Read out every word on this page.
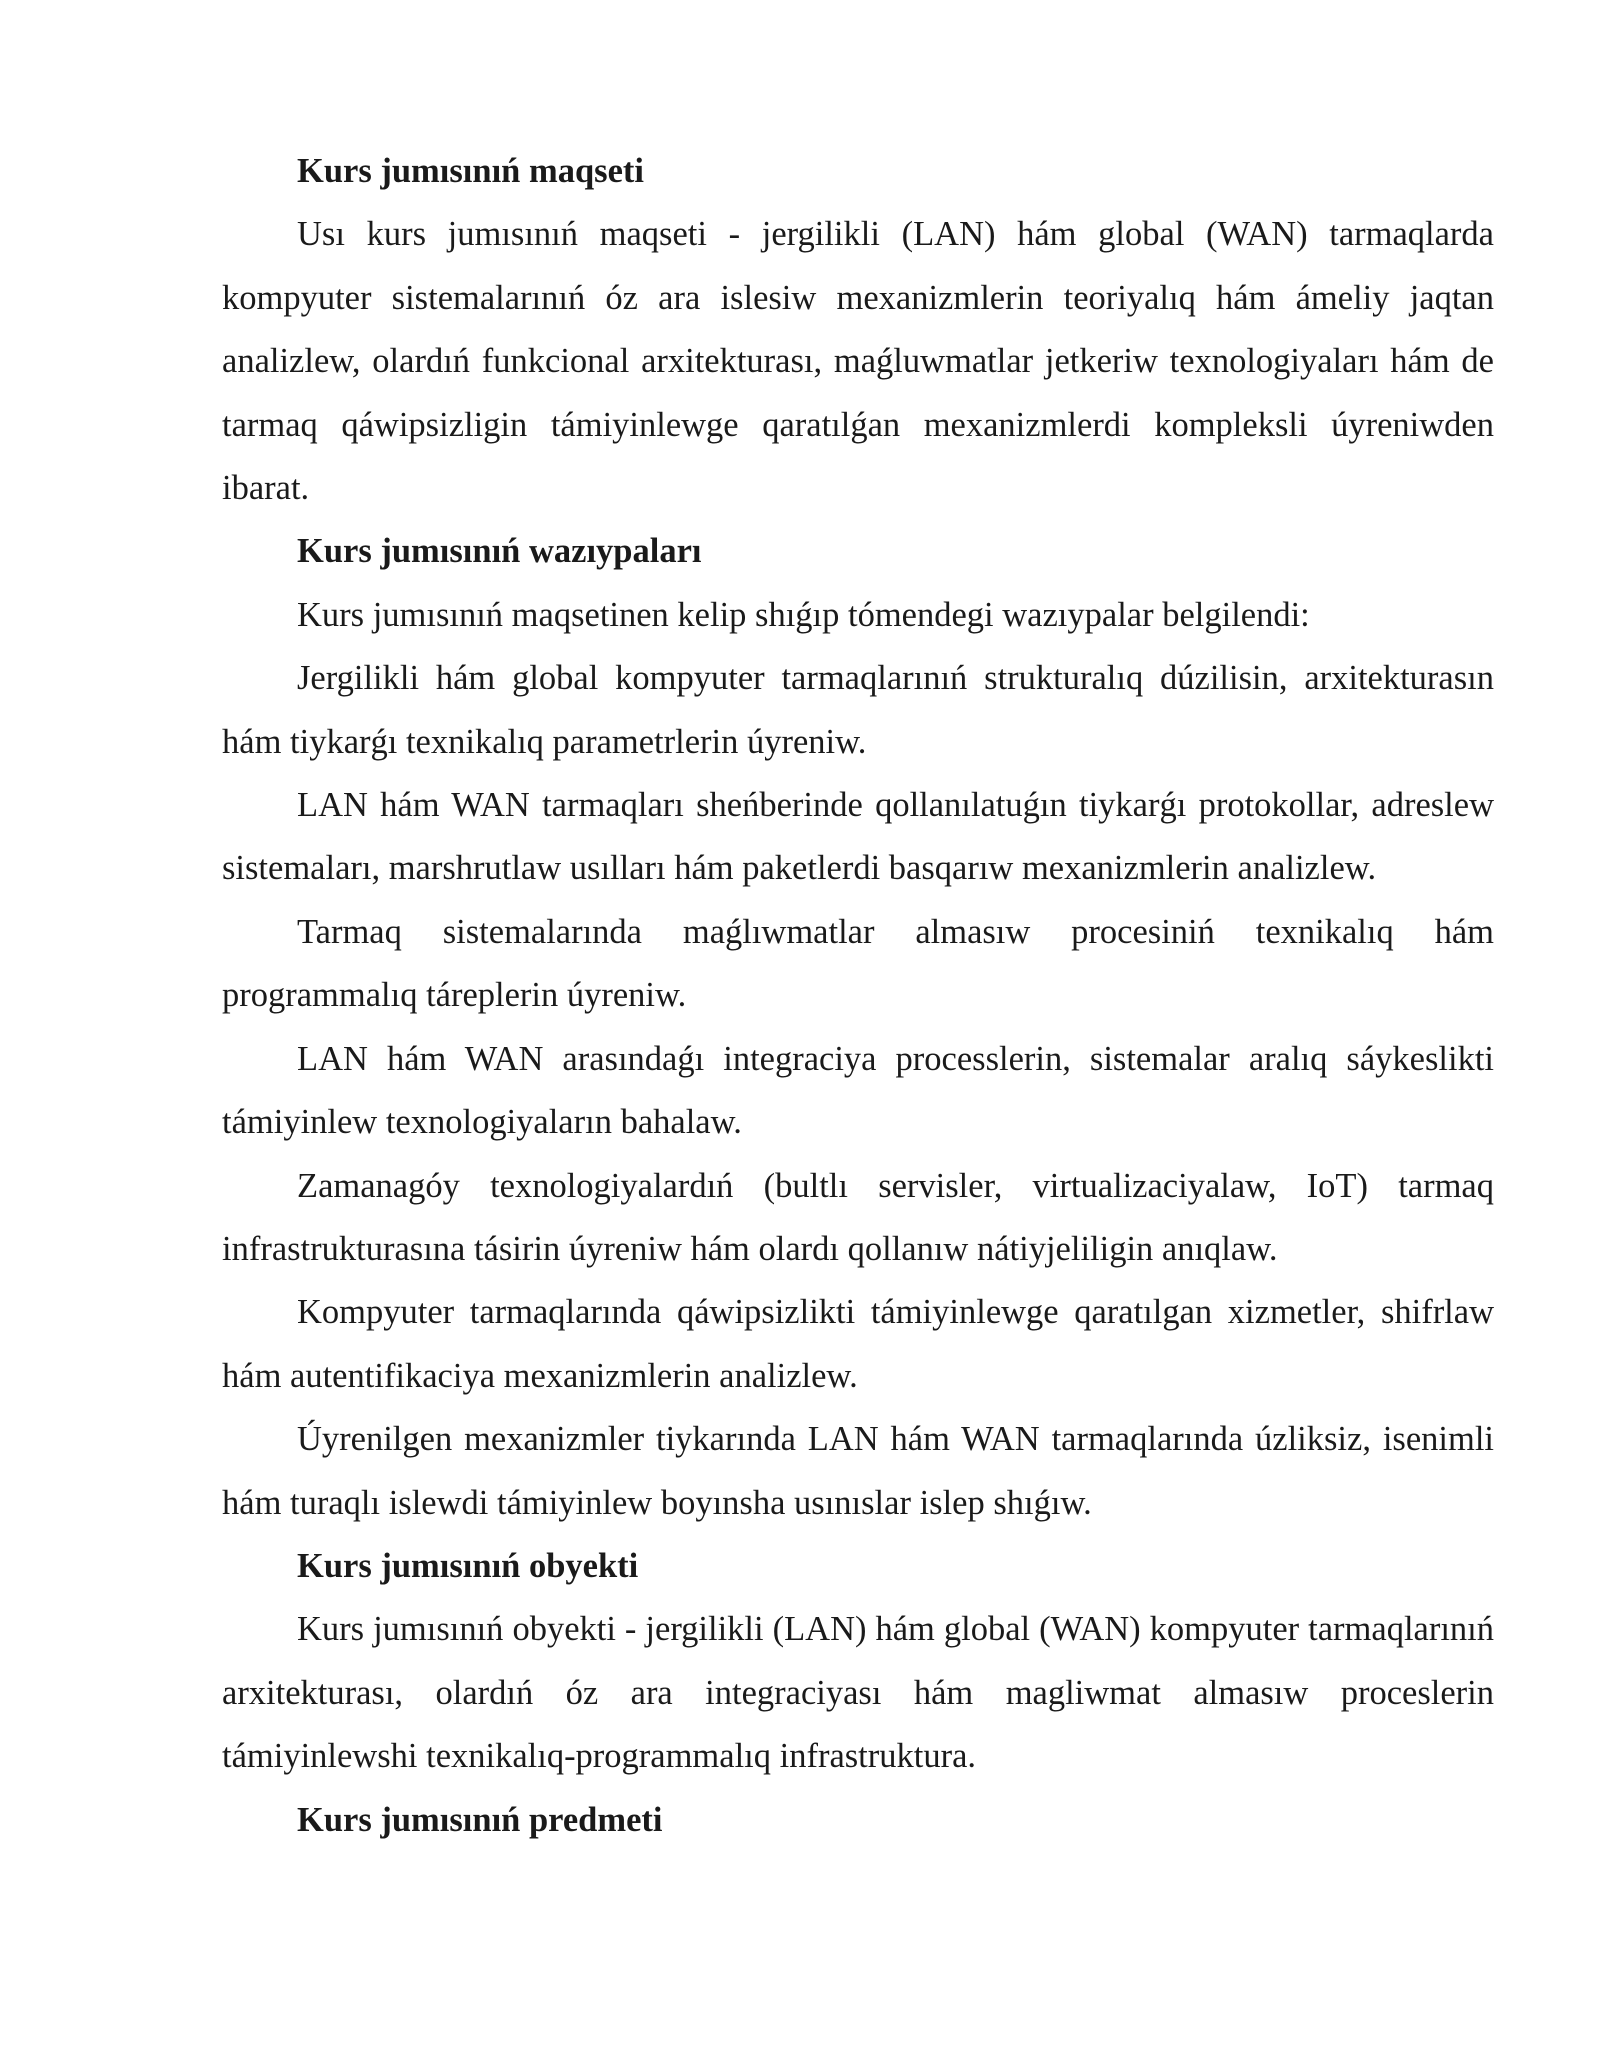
Kurs jumısınıń maqseti

Usı kurs jumısınıń maqseti - jergilikli (LAN) hám global (WAN) tarmaqlarda kompyuter sistemalarınıń óz ara islesiw mexanizmlerin teoriyalıq hám ámeliy jaqtan analizlew, olardıń funkcional arxitekturası, maǵluwmatlar jetkeriw texnologiyaları hám de tarmaq qáwipsizligin támiyinlewge qaratılǵan mexanizmlerdi kompleksli úyreniwden ibarat.

Kurs jumısınıń wazıypaları

Kurs jumısınıń maqsetinen kelip shıǵıp tómendegi wazıypalar belgilendi:

Jergilikli hám global kompyuter tarmaqlarınıń strukturalıq dúzilisin, arxitekturasın hám tiykarǵı texnikalıq parametrlerin úyreniw.

LAN hám WAN tarmaqları sheńberinde qollanılatuǵın tiykarǵı protokollar, adreslew sistemaları, marshrutlaw usılları hám paketlerdi basqarıw mexanizmlerin analizlew.

Tarmaq sistemalarında maǵlıwmatlar almasıw procesiniń texnikalıq hám programmalıq táreplerin úyreniw.

LAN hám WAN arasındaǵı integraciya processlerin, sistemalar aralıq sáykeslikti támiyinlew texnologiyaların bahalaw.

Zamanagóy texnologiyalardıń (bultlı servisler, virtualizaciyalaw, IoT) tarmaq infrastrukturasına tásirin úyreniw hám olardı qollanıw nátiyjeliligin anıqlaw.

Kompyuter tarmaqlarında qáwipsizlikti támiyinlewge qaratılgan xizmetler, shifrlaw hám autentifikaciya mexanizmlerin analizlew.

Úyrenilgen mexanizmler tiykarında LAN hám WAN tarmaqlarında úzliksiz, isenimli hám turaqlı islewdi támiyinlew boyınsha usınıslar islep shıǵıw.

Kurs jumısınıń obyekti

Kurs jumısınıń obyekti - jergilikli (LAN) hám global (WAN) kompyuter tarmaqlarınıń arxitekturası, olardıń óz ara integraciyası hám magliwmat almasıw proceslerin támiyinlewshi texnikalıq-programmalıq infrastruktura.

Kurs jumısınıń predmeti
